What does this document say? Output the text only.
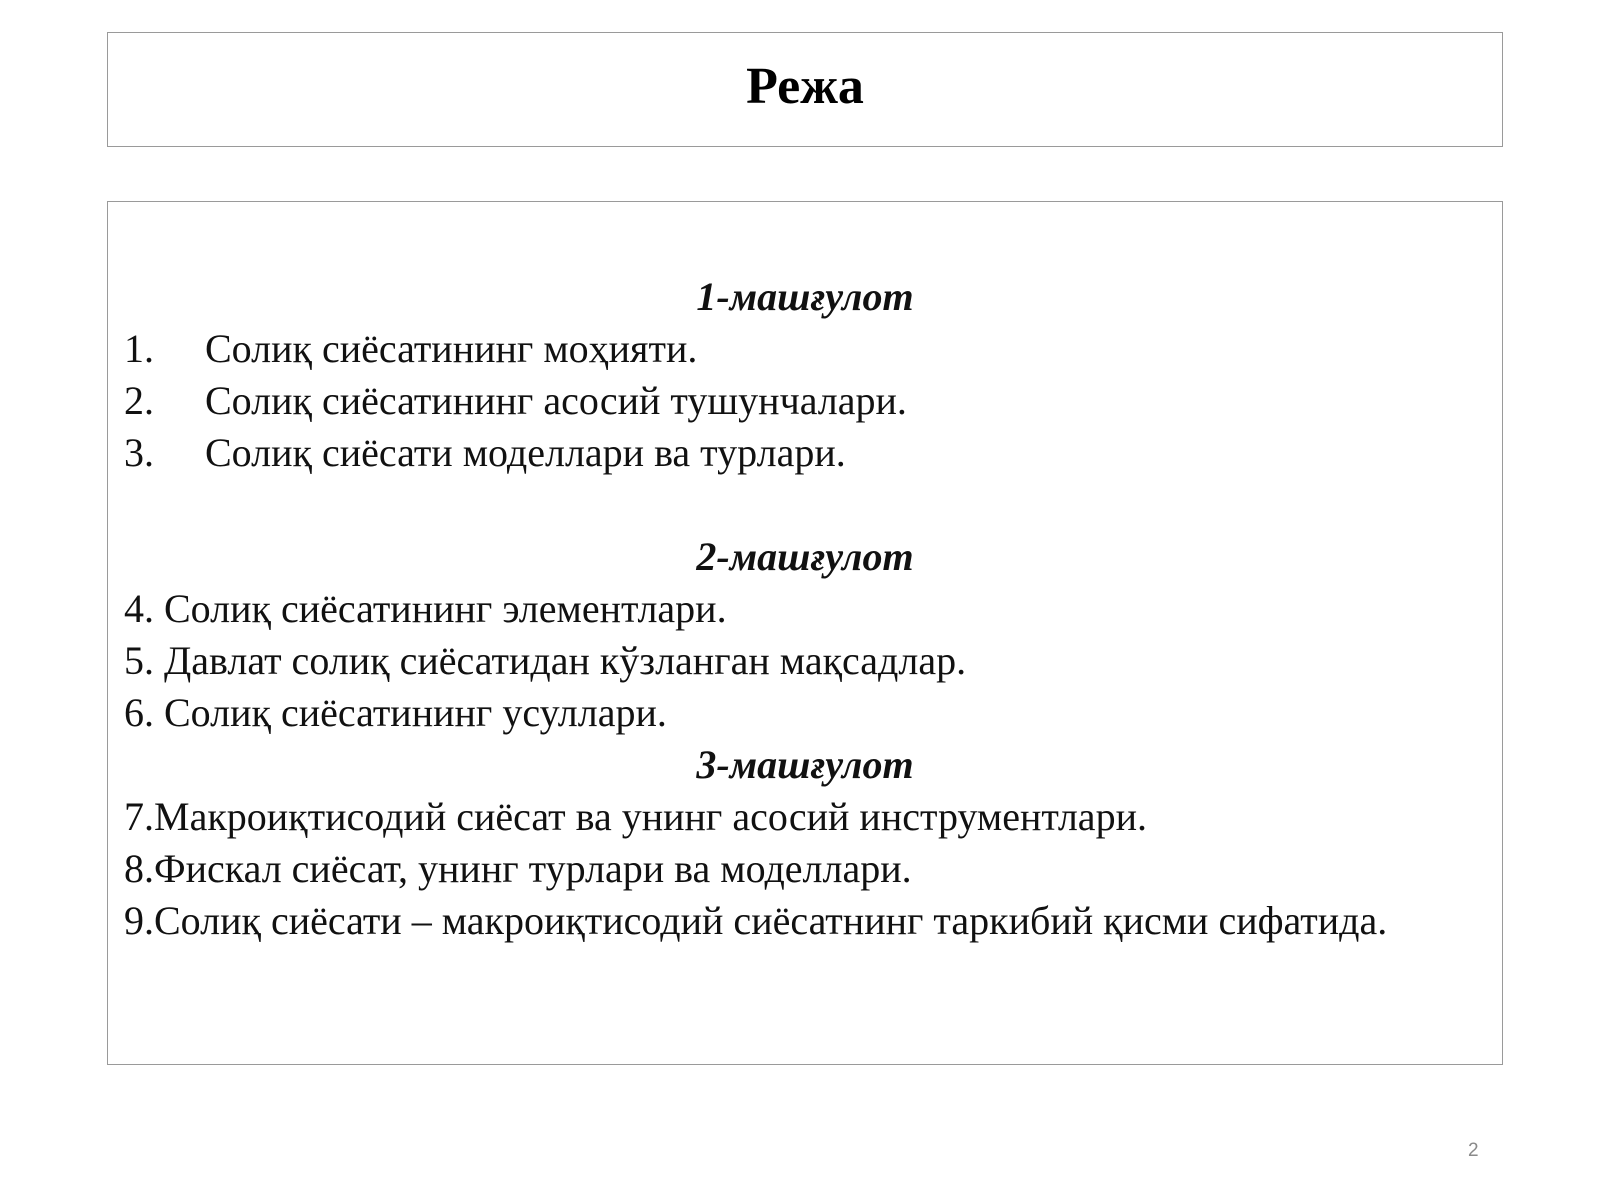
Режа
1-машғулот
1. Солиқ сиёсатининг моҳияти.
2. Солиқ сиёсатининг асосий тушунчалари.
3. Солиқ сиёсати моделлари ва турлари.
2-машғулот
4. Солиқ сиёсатининг элементлари.
5. Давлат солиқ сиёсатидан кўзланган мақсадлар.
6. Солиқ сиёсатининг усуллари.
3-машғулот
7.Макроиқтисодий сиёсат ва унинг асосий инструментлари.
8.Фискал сиёсат, унинг турлари ва моделлари.
9.Солиқ сиёсати – макроиқтисодий сиёсатнинг таркибий қисми сифатида.
2
